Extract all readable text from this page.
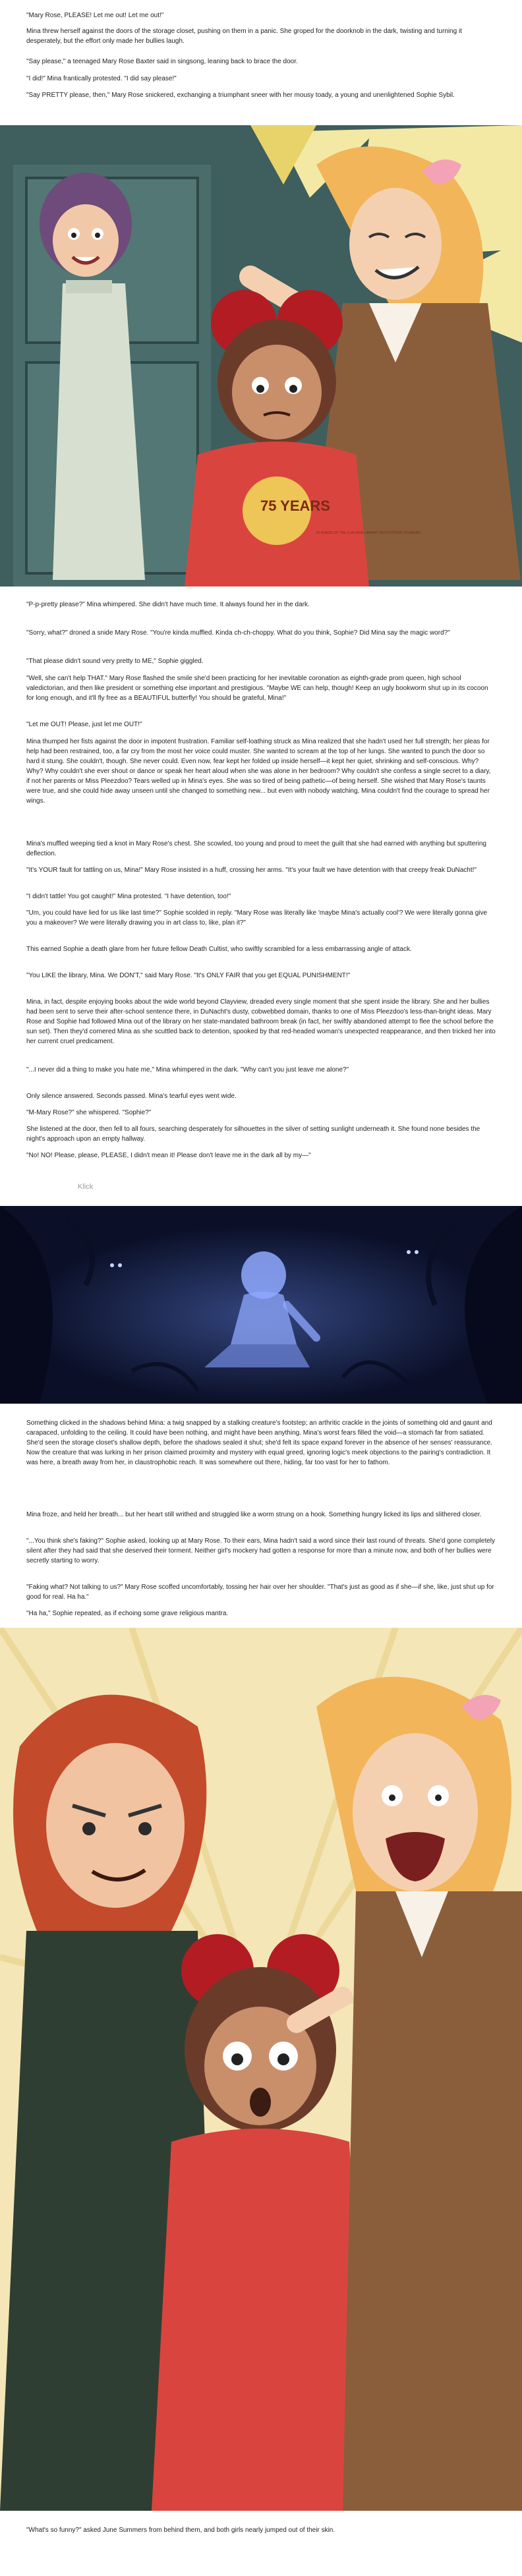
"Mary Rose, PLEASE! Let me out! Let me out!"

Mina threw herself against the doors of the storage closet, pushing on them in a panic. She groped for the doorknob in the dark, twisting and turning it desperately, but the effort only made her bullies laugh.

"Say please," a teenaged Mary Rose Baxter said in singsong, leaning back to brace the door.

"I did!" Mina frantically protested. "I did say please!"

"Say PRETTY please, then," Mary Rose snickered, exchanging a triumphant sneer with her mousy toady, a young and unenlightened Sophie Sybil.

75 YEARS
IN HONOR OF THE CLAYVIEW LIBRARY INSTITUTIONS FOUNDING

"P-p-pretty please?" Mina whimpered. She didn't have much time. It always found her in the dark.

"Sorry, what?" droned a snide Mary Rose. "You're kinda muffled. Kinda ch-ch-choppy. What do you think, Sophie? Did Mina say the magic word?"

"That please didn't sound very pretty to ME," Sophie giggled.

"Well, she can't help THAT." Mary Rose flashed the smile she'd been practicing for her inevitable coronation as eighth-grade prom queen, high school valedictorian, and then like president or something else important and prestigious. "Maybe WE can help, though! Keep an ugly bookworm shut up in its cocoon for long enough, and it'll fly free as a BEAUTIFUL butterfly! You should be grateful, Mina!"

"Let me OUT! Please, just let me OUT!"

Mina thumped her fists against the door in impotent frustration. Familiar self-loathing struck as Mina realized that she hadn't used her full strength; her pleas for help had been restrained, too, a far cry from the most her voice could muster. She wanted to scream at the top of her lungs. She wanted to punch the door so hard it stung. She couldn't, though. She never could. Even now, fear kept her folded up inside herself—it kept her quiet, shrinking and self-conscious. Why? Why? Why couldn't she ever shout or dance or speak her heart aloud when she was alone in her bedroom? Why couldn't she confess a single secret to a diary, if not her parents or Miss Pleezdoo? Tears welled up in Mina's eyes. She was so tired of being pathetic—of being herself. She wished that Mary Rose's taunts were true, and she could hide away unseen until she changed to something new... but even with nobody watching, Mina couldn't find the courage to spread her wings.

Mina's muffled weeping tied a knot in Mary Rose's chest. She scowled, too young and proud to meet the guilt that she had earned with anything but sputtering deflection.

"It's YOUR fault for tattling on us, Mina!" Mary Rose insisted in a huff, crossing her arms. "It's your fault we have detention with that creepy freak DuNacht!"

"I didn't tattle! You got caught!" Mina protested. "I have detention, too!"

"Um, you could have lied for us like last time?" Sophie scolded in reply. "Mary Rose was literally like 'maybe Mina's actually cool'? We were literally gonna give you a makeover? We were literally drawing you in art class to, like, plan it?"

This earned Sophie a death glare from her future fellow Death Cultist, who swiftly scrambled for a less embarrassing angle of attack.

"You LIKE the library, Mina. We DON'T," said Mary Rose. "It's ONLY FAIR that you get EQUAL PUNISHMENT!"

Mina, in fact, despite enjoying books about the wide world beyond Clayview, dreaded every single moment that she spent inside the library. She and her bullies had been sent to serve their after-school sentence there, in DuNacht's dusty, cobwebbed domain, thanks to one of Miss Pleezdoo's less-than-bright ideas. Mary Rose and Sophie had followed Mina out of the library on her state-mandated bathroom break (in fact, her swiftly abandoned attempt to flee the school before the sun set). Then they'd cornered Mina as she scuttled back to detention, spooked by that red-headed woman's unexpected reappearance, and then tricked her into her current cruel predicament.

"...I never did a thing to make you hate me," Mina whimpered in the dark. "Why can't you just leave me alone?"

Only silence answered. Seconds passed. Mina's tearful eyes went wide.

"M-Mary Rose?" she whispered. "Sophie?"

She listened at the door, then fell to all fours, searching desperately for silhouettes in the silver of setting sunlight underneath it. She found none besides the night's approach upon an empty hallway.

"No! NO! Please, please, PLEASE, I didn't mean it! Please don't leave me in the dark all by my—"

Klick

Something clicked in the shadows behind Mina: a twig snapped by a stalking creature's footstep; an arthritic crackle in the joints of something old and gaunt and carapaced, unfolding to the ceiling. It could have been nothing, and might have been anything. Mina's worst fears filled the void—a stomach far from satiated. She'd seen the storage closet's shallow depth, before the shadows sealed it shut; she'd felt its space expand forever in the absence of her senses' reassurance. Now the creature that was lurking in her prison claimed proximity and mystery with equal greed, ignoring logic's meek objections to the pairing's contradiction. It was here, a breath away from her, in claustrophobic reach. It was somewhere out there, hiding, far too vast for her to fathom.

Mina froze, and held her breath... but her heart still writhed and struggled like a worm strung on a hook. Something hungry licked its lips and slithered closer.

"...You think she's faking?" Sophie asked, looking up at Mary Rose. To their ears, Mina hadn't said a word since their last round of threats. She'd gone completely silent after they had said that she deserved their torment. Neither girl's mockery had gotten a response for more than a minute now, and both of her bullies were secretly starting to worry.

"Faking what? Not talking to us?" Mary Rose scoffed uncomfortably, tossing her hair over her shoulder. "That's just as good as if she—if she, like, just shut up for good for real. Ha ha."

"Ha ha," Sophie repeated, as if echoing some grave religious mantra.

"What's so funny?" asked June Summers from behind them, and both girls nearly jumped out of their skin.
